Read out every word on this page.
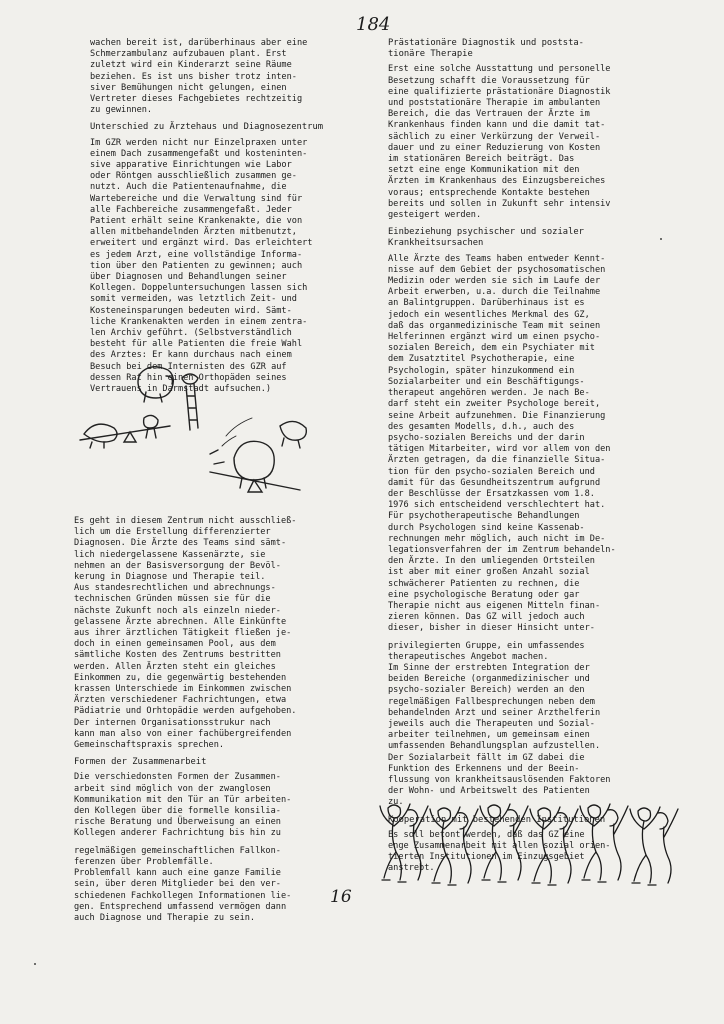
184

wachen bereit ist, darüberhinaus aber eine
Schmerzambulanz aufzubauen plant. Erst
zuletzt wird ein Kinderarzt seine Räume
beziehen. Es ist uns bisher trotz inten-
siver Bemühungen nicht gelungen, einen
Vertreter dieses Fachgebietes rechtzeitig
zu gewinnen.

Unterschied zu Ärztehaus und Diagnosezentrum

Im GZR werden nicht nur Einzelpraxen unter
einem Dach zusammengefaßt und kosteninten-
sive apparative Einrichtungen wie Labor
oder Röntgen ausschließlich zusammen ge-
nutzt. Auch die Patientenaufnahme, die
Wartebereiche und die Verwaltung sind für
alle Fachbereiche zusammengefaßt. Jeder
Patient erhält seine Krankenakte, die von
allen mitbehandelnden Ärzten mitbenutzt,
erweitert und ergänzt wird. Das erleichtert
es jedem Arzt, eine vollständige Informa-
tion über den Patienten zu gewinnen; auch
über Diagnosen und Behandlungen seiner
Kollegen. Doppeluntersuchungen lassen sich
somit vermeiden, was letztlich Zeit- und
Kosteneinsparungen bedeuten wird. Sämt-
liche Krankenakten werden in einem zentra-
len Archiv geführt. (Selbstverständlich
besteht für alle Patienten die freie Wahl
des Arztes: Er kann durchaus nach einem
Besuch bei dem Internisten des GZR auf
dessen Rat hin einen Orthopäden seines
Vertrauens in Darmstadt aufsuchen.)

Es geht in diesem Zentrum nicht ausschließ-
lich um die Erstellung differenzierter
Diagnosen. Die Ärzte des Teams sind sämt-
lich niedergelassene Kassenärzte, sie
nehmen an der Basisversorgung der Bevöl-
kerung in Diagnose und Therapie teil.
Aus standesrechtlichen und abrechnungs-
technischen Gründen müssen sie für die
nächste Zukunft noch als einzeln nieder-
gelassene Ärzte abrechnen. Alle Einkünfte
aus ihrer ärztlichen Tätigkeit fließen je-
doch in einen gemeinsamen Pool, aus dem
sämtliche Kosten des Zentrums bestritten
werden. Allen Ärzten steht ein gleiches
Einkommen zu, die gegenwärtig bestehenden
krassen Unterschiede im Einkommen zwischen
Ärzten verschiedener Fachrichtungen, etwa
Pädiatrie und Orhtopädie werden aufgehoben.
Der internen Organisationsstrukur nach
kann man also von einer fachübergreifenden
Gemeinschaftspraxis sprechen.

Formen der Zusammenarbeit

Die verschiedonsten Formen der Zusammen-
arbeit sind möglich von der zwanglosen
Kommunikation mit den Tür an Tür arbeiten-
den Kollegen über die formelle konsilia-
rische Beratung und Überweisung an einen
Kollegen anderer Fachrichtung bis hin zu

regelmäßigen gemeinschaftlichen Fallkon-
ferenzen über Problemfälle.
Problemfall kann auch eine ganze Familie
sein, über deren Mitglieder bei den ver-
schiedenen Fachkollegen Informationen lie-
gen. Entsprechend umfassend vermögen dann
auch Diagnose und Therapie zu sein.

Prästationäre Diagnostik und poststa-
tionäre Therapie

Erst eine solche Ausstattung und personelle
Besetzung schafft die Voraussetzung für
eine qualifizierte prästationäre Diagnostik
und poststationäre Therapie im ambulanten
Bereich, die das Vertrauen der Ärzte im
Krankenhaus finden kann und die damit tat-
sächlich zu einer Verkürzung der Verweil-
dauer und zu einer Reduzierung von Kosten
im stationären Bereich beiträgt. Das
setzt eine enge Kommunikation mit den
Ärzten im Krankenhaus des Einzugsbereiches
voraus; entsprechende Kontakte bestehen
bereits und sollen in Zukunft sehr intensiv
gesteigert werden.

Einbeziehung psychischer und sozialer
Krankheitsursachen

Alle Ärzte des Teams haben entweder Kennt-
nisse auf dem Gebiet der psychosomatischen
Medizin oder werden sie sich im Laufe der
Arbeit erwerben, u.a. durch die Teilnahme
an Balintgruppen. Darüberhinaus ist es
jedoch ein wesentliches Merkmal des GZ,
daß das organmedizinische Team mit seinen
Helferinnen ergänzt wird um einen psycho-
sozialen Bereich, dem ein Psychiater mit
dem Zusatztitel Psychotherapie, eine
Psychologin, später hinzukommend ein
Sozialarbeiter und ein Beschäftigungs-
therapeut angehören werden. Je nach Be-
darf steht ein zweiter Psychologe bereit,
seine Arbeit aufzunehmen. Die Finanzierung
des gesamten Modells, d.h., auch des
psycho-sozialen Bereichs und der darin
tätigen Mitarbeiter, wird vor allem von den
Ärzten getragen, da die finanzielle Situa-
tion für den psycho-sozialen Bereich und
damit für das Gesundheitszentrum aufgrund
der Beschlüsse der Ersatzkassen vom 1.8.
1976 sich entscheidend verschlechtert hat.
Für psychotherapeutische Behandlungen
durch Psychologen sind keine Kassenab-
rechnungen mehr möglich, auch nicht im De-
legationsverfahren der im Zentrum behandeln-
den Ärzte. In den umliegenden Ortsteilen
ist aber mit einer großen Anzahl sozial
schwächerer Patienten zu rechnen, die
eine psychologische Beratung oder gar
Therapie nicht aus eigenen Mitteln finan-
zieren können. Das GZ will jedoch auch
dieser, bisher in dieser Hinsicht unter-

privilegierten Gruppe, ein umfassendes
therapeutisches Angebot machen.
Im Sinne der erstrebten Integration der
beiden Bereiche (organmedizinischer und
psycho-sozialer Bereich) werden an den
regelmäßigen Fallbesprechungen neben dem
behandelnden Arzt und seiner Arzthelferin
jeweils auch die Therapeuten und Sozial-
arbeiter teilnehmen, um gemeinsam einen
umfassenden Behandlungsplan aufzustellen.
Der Sozialarbeit fällt im GZ dabei die
Funktion des Erkennens und der Beein-
flussung von krankheitsauslösenden Faktoren
der Wohn- und Arbeitswelt des Patienten
zu.

Kooperation mit bestehenden Institutionen

Es soll betont werden, daß das GZ eine
enge Zusammenarbeit mit allen sozial orien-
tierten Institutionen im Einzugsgebiet
anstrebt.

16
